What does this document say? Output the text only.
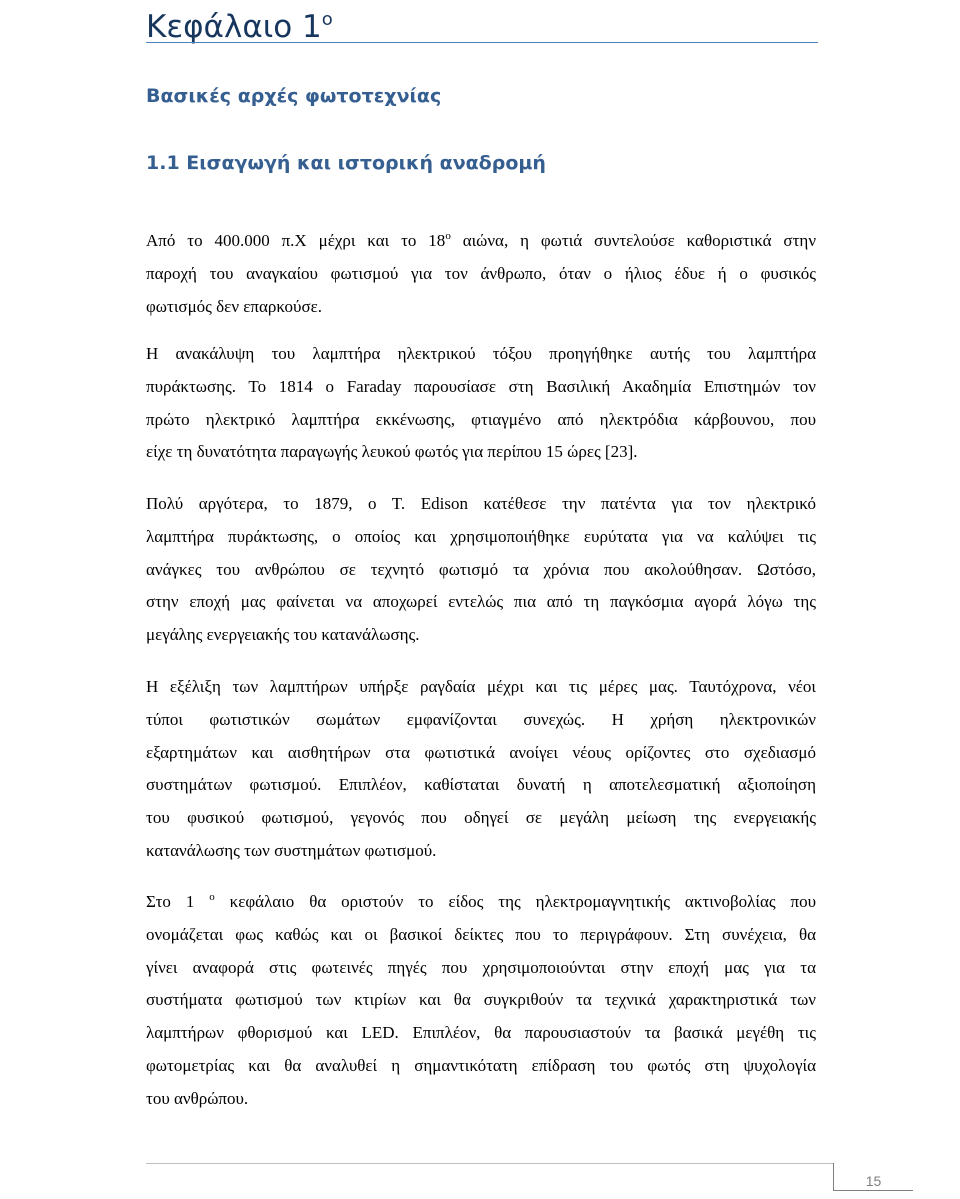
Κεφάλαιο $1^o$
Βασικές αρχές φωτοτεχνίας
1.1 Εισαγωγή και ιστορική αναδρομή
Από το 400.000 π.Χ μέχρι και το $18^o$ αιώνα, η φωτιά συντελούσε καθοριστικά στην
παροχή του αναγκαίου φωτισμού για τον άνθρωπο, όταν ο ήλιος έδυε ή ο φυσικός
φωτισμός δεν επαρκούσε.
Η ανακάλυψη του λαμπτήρα ηλεκτρικού τόξου προηγήθηκε αυτής του λαμπτήρα
πυράκτωσης. Το 1814 ο Faraday παρουσίασε στη Βασιλική Ακαδημία Επιστημών τον
πρώτο ηλεκτρικό λαμπτήρα εκκένωσης, φτιαγμένο από ηλεκτρόδια κάρβουνου, που
είχε τη δυνατότητα παραγωγής λευκού φωτός για περίπου 15 ώρες [23].
Πολύ αργότερα, το 1879, ο Τ. Edison κατέθεσε την πατέντα για τον ηλεκτρικό
λαμπτήρα πυράκτωσης, ο οποίος και χρησιμοποιήθηκε ευρύτατα για να καλύψει τις
ανάγκες του ανθρώπου σε τεχνητό φωτισμό τα χρόνια που ακολούθησαν. Ωστόσο,
στην εποχή μας φαίνεται να αποχωρεί εντελώς πια από τη παγκόσμια αγορά λόγω της
μεγάλης ενεργειακής του κατανάλωσης.
Η εξέλιξη των λαμπτήρων υπήρξε ραγδαία μέχρι και τις μέρες μας. Ταυτόχρονα, νέοι
τύποι φωτιστικών σωμάτων εμφανίζονται συνεχώς. Η χρήση ηλεκτρονικών
εξαρτημάτων και αισθητήρων στα φωτιστικά ανοίγει νέους ορίζοντες στο σχεδιασμό
συστημάτων φωτισμού. Επιπλέον, καθίσταται δυνατή η αποτελεσματική αξιοποίηση
του φυσικού φωτισμού, γεγονός που οδηγεί σε μεγάλη μείωση της ενεργειακής
κατανάλωσης των συστημάτων φωτισμού.
Στο 1 $^o$ κεφάλαιο θα οριστούν το είδος της ηλεκτρομαγνητικής ακτινοβολίας που
ονομάζεται φως καθώς και οι βασικοί δείκτες που το περιγράφουν. Στη συνέχεια, θα
γίνει αναφορά στις φωτεινές πηγές που χρησιμοποιούνται στην εποχή μας για τα
συστήματα φωτισμού των κτιρίων και θα συγκριθούν τα τεχνικά χαρακτηριστικά των
λαμπτήρων φθορισμού και LED. Επιπλέον, θα παρουσιαστούν τα βασικά μεγέθη τις
φωτομετρίας και θα αναλυθεί η σημαντικότατη επίδραση του φωτός στη ψυχολογία
του ανθρώπου.
15
